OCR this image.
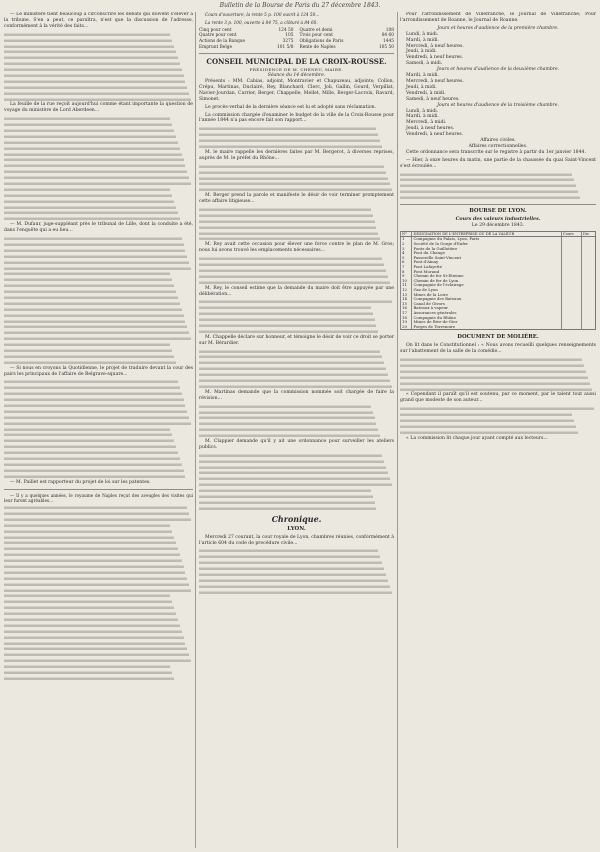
Bulletin de la Bourse de Paris du 27 décembre 1843.

— Le ministère tient beaucoup à circonscrire les débats qui doivent s'élever à la tribune. S'en a peut, ce paraîtra, n'est que la discussion de l'adresse, conformément à la vérité des faits...

La feuille de la rue reçoit aujourd'hui comme étant importante la question de voyage du ministère de Lord Aberdeen...

— M. Dufaur, juge-suppléant près le tribunal de Lille, dont la conduite a été, dans l'enquête qui a eu lieu...

— Si nous en croyons la Quotidienne, le projet de traduire devant la cour des pairs les principaux de l'affaire de Belgrave-square...

— M. Paillet est rapporteur du projet de loi sur les patentes.

— Il y a quelques années, le royaume de Naples reçut des aveugles des visites qui leur furent agréables...

Cours d'ouverture, la rente 5 p. 100 ouvrit à 124 50...

La rente 3 p. 100, ouverte à 84 75, a clôturé à 84 60.

Cinq pour cent	124 50 Quatre et demi	108
Quatre pour cent	105 Trois pour cent	84 60
Actions de la Banque	3275 Obligations de Paris	1445
Emprunt Belge	101 5/8 Rente de Naples	105 50
CONSEIL MUNICIPAL DE LA CROIX-ROUSSE.
PRÉSIDENCE DE M. CHENEU, MAIRE.
Séance du 14 décembre.

Présents : MM. Cabias, adjoint, Montravier et Chapuzeau, adjoints; Collon, Crépu, Martinas, Duclairé, Rey, Blanchard, Clerc, Joli, Gallin, Gourd, Verpillat, Navier-Jourdan, Carrier, Berger, Chappelle, Mellet, Mille, Berger-Lacroix, Ravard, Simonet.

Le procès-verbal de la dernière séance est lu et adopté sans réclamation.

La commission chargée d'examiner le budget de la ville de la Croix-Rousse pour l'année 1844 n'a pas encore fait son rapport...

M. le maire rappelle les dernières faites par M. Bergerot, à diverses reprises, auprès de M. le préfet du Rhône...

M. Berger prend la parole et manifeste le désir de voir terminer promptement cette affaire litigieuse...

M. Rey avait cette occasion pour élever une force contre le plan de M. Gros; nous lui avons trouvé les emplacements nécessaires...

M. Rey, le conseil estime que la demande du maire doit être appuyée par une délibération...

M. Chappelle déclare sur honneur, et témoigne le désir de voir ce droit se porter sur M. Bérardier.

M. Martinas demande que la commission nommée soit chargée de faire la révision...

M. Clappier demande qu'il y ait une ordonnance pour surveiller les ateliers publics.

Chronique.
LYON.

Mercredi 27 courant, la cour royale de Lyon, chambres réunies, conformément à l'article 604 du code de procédure civile...

Pour l'arrondissement de Villefranche, le Journal de Villefranche; Pour l'arrondissement de Roanne, le Journal de Roanne.

Jours et heures d'audience de la première chambre.
Lundi, à midi.
Mardi, à midi.
Mercredi, à neuf heures.
Jeudi, à midi.
Vendredi, à neuf heures.
Samedi, à midi.
Jours et heures d'audience de la deuxième chambre.
Mardi, à midi.
Mercredi, à neuf heures.
Jeudi, à midi.
Vendredi, à midi.
Samedi, à neuf heures.
Jours et heures d'audience de la troisième chambre.
Lundi, à midi.
Mardi, à midi.
Mercredi, à midi.
Jeudi, à neuf heures.
Vendredi, à neuf heures.
Affaires civiles.
Affaires correctionnelles.

Cette ordonnance sera transcrite sur le registre à partir du 1er janvier 1844.

— Hier, à onze heures du matin, une partie de la chaussée du quai Saint-Vincent s'est écroulée...

BOURSE DE LYON.
Cours des valeurs industrielles.
Le 29 décembre 1843.
N°	DÉSIGNATION DE L'ENTREPRISE OU DE LA VALEUR	Cours	Div.
1	Compagnie du Palais, Lyon, Paris		
2	Société de la Gorge d'Enfer		
3	Ponts de la Guillotière		
4	Pont du Change		
5	Passerelle Saint-Vincent		
6	Pont d'Ainay		
7	Pont Lafayette		
8	Pont Morand		
9	Chemin de fer St-Étienne		
10	Chemin de fer de Lyon		
11	Compagnie de l'éclairage		
12	Gaz de Lyon		
13	Mines de la Loire		
14	Compagnie des Bateaux		
15	Canal de Givors		
16	Bateaux à vapeur		
17	Assurances générales		
18	Compagnie du Rhône		
19	Mines de Rive-de-Gier		
20	Forges de Terrenoire		
DOCUMENT DE MOLIÈRE.

On lit dans le Constitutionnel : « Nous avons recueilli quelques renseignements sur l'abattement de la salle de la comédie...

« Cependant il paraît qu'il est soutenu, par ce moment, par le talent tout aussi grand que modeste de son auteur...

« La commission lit chaque jour ayant compté aux lecteurs...
